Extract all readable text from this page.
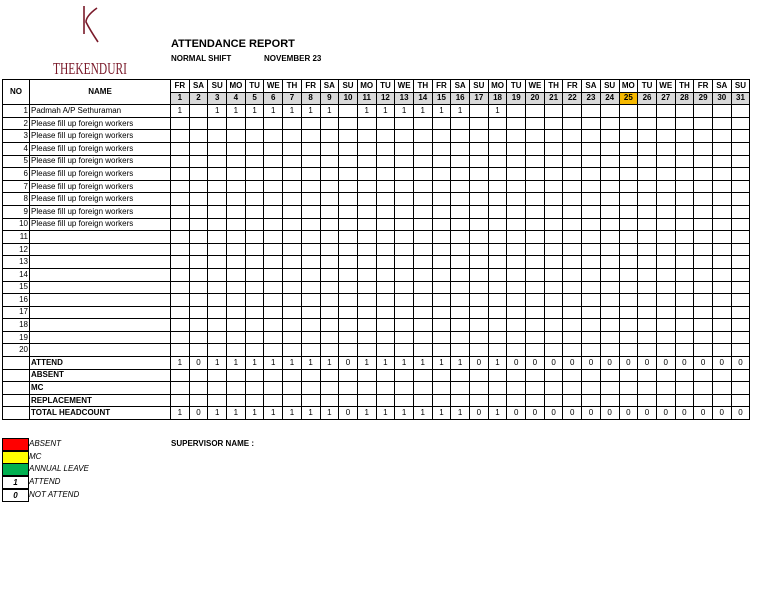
THEKENDURI
ATTENDANCE REPORT
NORMAL SHIFT	NOVEMBER 23
NO	NAME	FR	SA	SU	MO	TU	WE	TH	FR	SA	SU	MO	TU	WE	TH	FR	SA	SU	MO	TU	WE	TH	FR	SA	SU	MO	TU	WE	TH	FR	SA	SU
		1	2	3	4	5	6	7	8	9	10	11	12	13	14	15	16	17	18	19	20	21	22	23	24	25	26	27	28	29	30	31
1	Padmah A/P Sethuraman	1		1	1	1	1	1	1	1		1	1	1	1	1	1		1													
2	Please fill up foreign workers																															
3	Please fill up foreign workers																															
4	Please fill up foreign workers																															
5	Please fill up foreign workers																															
6	Please fill up foreign workers																															
7	Please fill up foreign workers																															
8	Please fill up foreign workers																															
9	Please fill up foreign workers																															
10	Please fill up foreign workers																															
11																																
12																																
13																																
14																																
15																																
16																																
17																																
18																																
19																																
20																																
	ATTEND	1	0	1	1	1	1	1	1	1	0	1	1	1	1	1	1	0	1	0	0	0	0	0	0	0	0	0	0	0	0	0
	ABSENT																															
	MC																															
	REPLACEMENT																															
	TOTAL HEADCOUNT	1	0	1	1	1	1	1	1	1	0	1	1	1	1	1	1	0	1	0	0	0	0	0	0	0	0	0	0	0	0	0
ABSENT
MC
ANNUAL LEAVE
1	ATTEND
0	NOT ATTEND
SUPERVISOR NAME :
